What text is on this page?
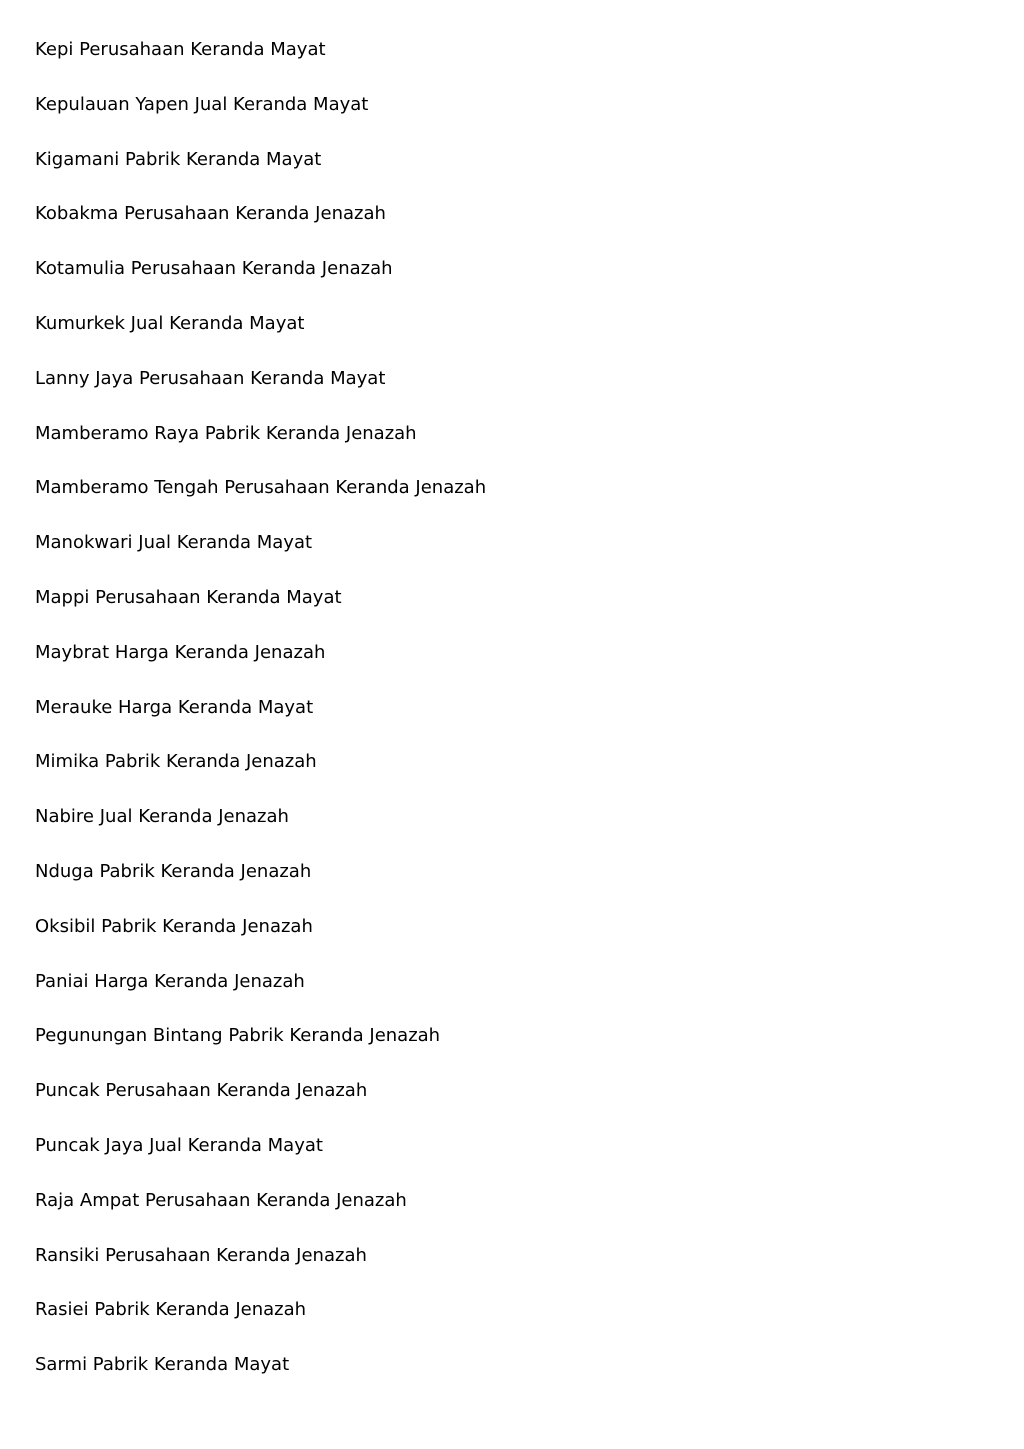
Kepi Perusahaan Keranda Mayat
Kepulauan Yapen Jual Keranda Mayat
Kigamani Pabrik Keranda Mayat
Kobakma Perusahaan Keranda Jenazah
Kotamulia Perusahaan Keranda Jenazah
Kumurkek Jual Keranda Mayat
Lanny Jaya Perusahaan Keranda Mayat
Mamberamo Raya Pabrik Keranda Jenazah
Mamberamo Tengah Perusahaan Keranda Jenazah
Manokwari Jual Keranda Mayat
Mappi Perusahaan Keranda Mayat
Maybrat Harga Keranda Jenazah
Merauke Harga Keranda Mayat
Mimika Pabrik Keranda Jenazah
Nabire Jual Keranda Jenazah
Nduga Pabrik Keranda Jenazah
Oksibil Pabrik Keranda Jenazah
Paniai Harga Keranda Jenazah
Pegunungan Bintang Pabrik Keranda Jenazah
Puncak Perusahaan Keranda Jenazah
Puncak Jaya Jual Keranda Mayat
Raja Ampat Perusahaan Keranda Jenazah
Ransiki Perusahaan Keranda Jenazah
Rasiei Pabrik Keranda Jenazah
Sarmi Pabrik Keranda Mayat
